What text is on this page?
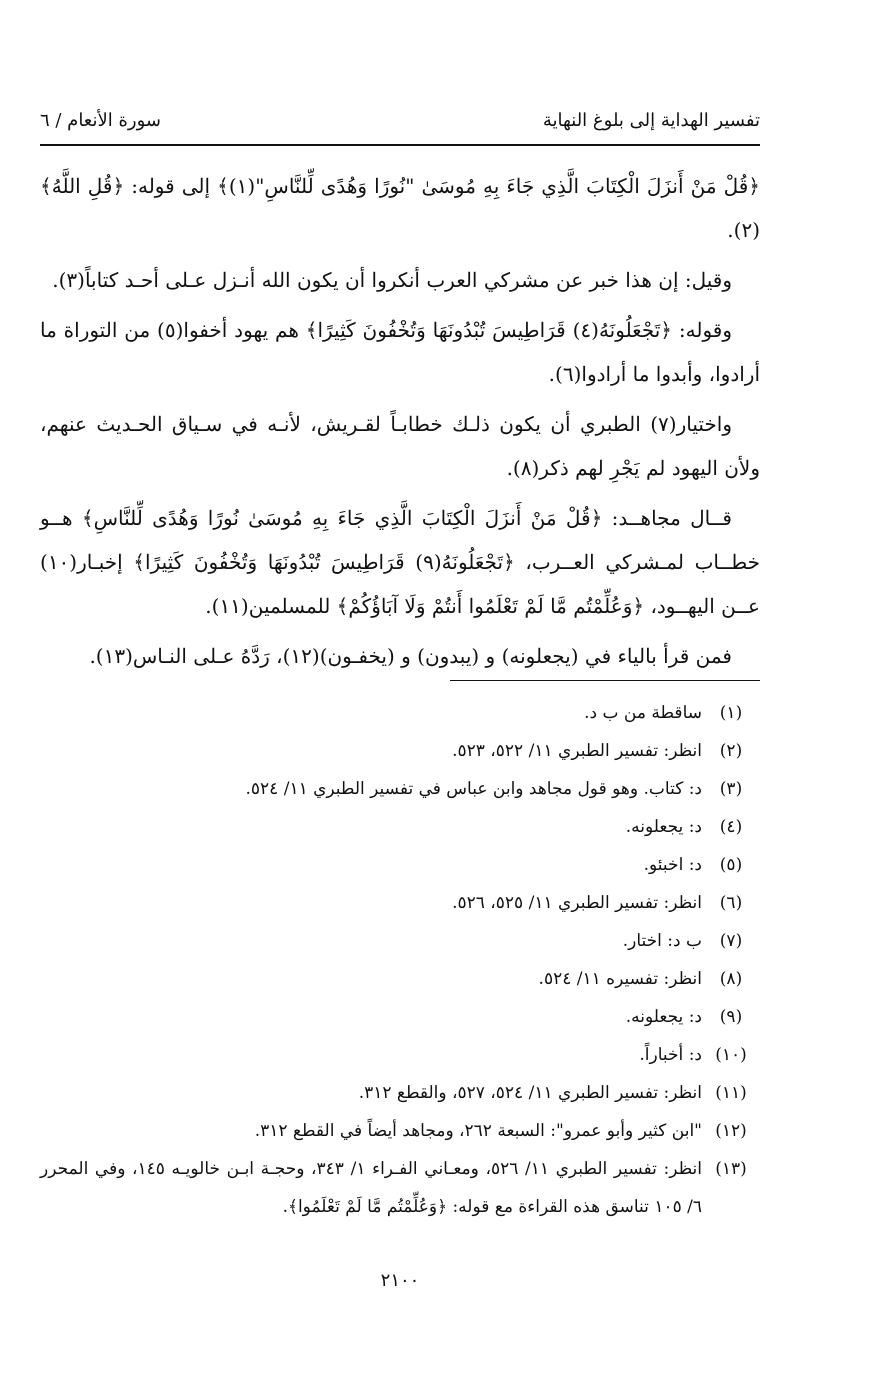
تفسير الهداية إلى بلوغ النهاية
سورة الأنعام / ٦

﴿قُلْ مَنْ أَنزَلَ الْكِتَابَ الَّذِي جَاءَ بِهِ مُوسَىٰ "نُورًا وَهُدًى لِّلنَّاسِ"(١)﴾ إلى قوله: ﴿قُلِ اللَّهُ﴾(٢).

وقيل: إن هذا خبر عن مشركي العرب أنكروا أن يكون الله أنـزل عـلى أحـد كتاباً(٣).

وقوله: ﴿تَجْعَلُونَهُ(٤) قَرَاطِيسَ تُبْدُونَهَا وَتُخْفُونَ كَثِيرًا﴾ هم يهود أخفوا(٥) من التوراة ما أرادوا، وأبدوا ما أرادوا(٦).

واختيار(٧) الطبري أن يكون ذلـك خطابـاً لقـريش، لأنـه في سـياق الحـديث عنهم، ولأن اليهود لم يَجْرِ لهم ذكر(٨).

قــال مجاهــد: ﴿قُلْ مَنْ أَنزَلَ الْكِتَابَ الَّذِي جَاءَ بِهِ مُوسَىٰ نُورًا وَهُدًى لِّلنَّاسِ﴾ هــو خطــاب لمـشركي العــرب، ﴿تَجْعَلُونَهُ(٩) قَرَاطِيسَ تُبْدُونَهَا وَتُخْفُونَ كَثِيرًا﴾ إخبـار(١٠) عــن اليهــود، ﴿وَعُلِّمْتُم مَّا لَمْ تَعْلَمُوا أَنتُمْ وَلَا آبَاؤُكُمْ﴾ للمسلمين(١١).

فمن قرأ بالياء في (يجعلونه) و (يبدون) و (يخفـون)(١٢)، رَدَّهُ عـلى النـاس(١٣).

(١)
ساقطة من ب د.
(٢)
انظر: تفسير الطبري ١١/ ٥٢٢، ٥٢٣.
(٣)
د: كتاب. وهو قول مجاهد وابن عباس في تفسير الطبري ١١/ ٥٢٤.
(٤)
د: يجعلونه.
(٥)
د: اخبئو.
(٦)
انظر: تفسير الطبري ١١/ ٥٢٥، ٥٢٦.
(٧)
ب د: اختار.
(٨)
انظر: تفسيره ١١/ ٥٢٤.
(٩)
د: يجعلونه.
(١٠)
د: أخباراً.
(١١)
انظر: تفسير الطبري ١١/ ٥٢٤، ٥٢٧، والقطع ٣١٢.
(١٢)
"ابن كثير وأبو عمرو": السبعة ٢٦٢، ومجاهد أيضاً في القطع ٣١٢.
(١٣)
انظر: تفسير الطبري ١١/ ٥٢٦، ومعـاني الفـراء ١/ ٣٤٣، وحجـة ابـن خالويـه ١٤٥، وفي المحرر ٦/ ١٠٥ تناسق هذه القراءة مع قوله: ﴿وَعُلِّمْتُم مَّا لَمْ تَعْلَمُوا﴾.
٢١٠٠
